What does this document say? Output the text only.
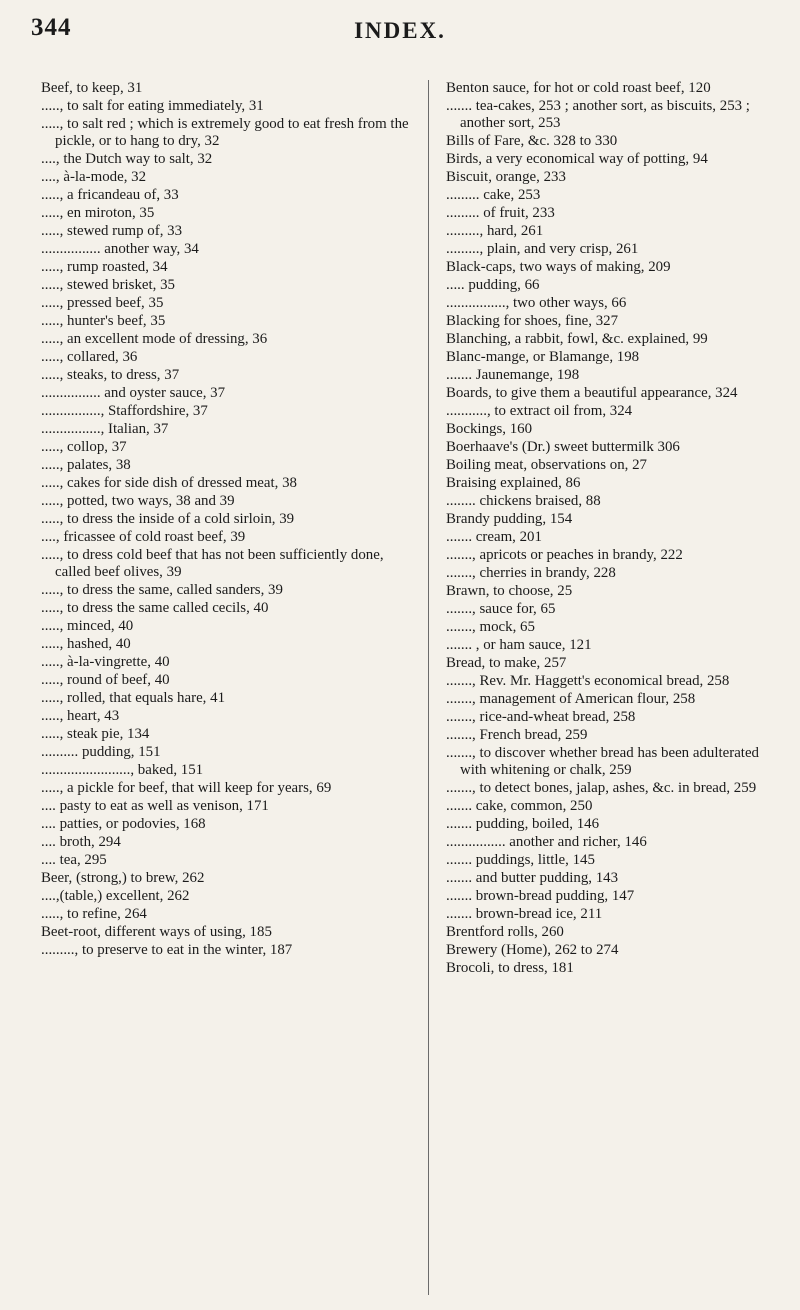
344	INDEX.
Beef, to keep, 31
....., to salt for eating immediately, 31
....., to salt red ; which is extremely good to eat fresh from the pickle, or to hang to dry, 32
...., the Dutch way to salt, 32
...., à-la-mode, 32
....., a fricandeau of, 33
....., en miroton, 35
....., stewed rump of, 33
................ another way, 34
....., rump roasted, 34
....., stewed brisket, 35
....., pressed beef, 35
....., hunter's beef, 35
....., an excellent mode of dressing, 36
....., collared, 36
....., steaks, to dress, 37
................ and oyster sauce, 37
................, Staffordshire, 37
................, Italian, 37
....., collop, 37
....., palates, 38
....., cakes for side dish of dressed meat, 38
....., potted, two ways, 38 and 39
....., to dress the inside of a cold sirloin, 39
...., fricassee of cold roast beef, 39
....., to dress cold beef that has not been sufficiently done, called beef olives, 39
....., to dress the same, called sanders, 39
....., to dress the same called cecils, 40
....., minced, 40
....., hashed, 40
....., à-la-vingrette, 40
....., round of beef, 40
....., rolled, that equals hare, 41
....., heart, 43
....., steak pie, 134
.......... pudding, 151
........................, baked, 151
....., a pickle for beef, that will keep for years, 69
.... pasty to eat as well as venison, 171
.... patties, or podovies, 168
.... broth, 294
.... tea, 295
Beer, (strong,) to brew, 262
....,(table,) excellent, 262
....., to refine, 264
Beet-root, different ways of using, 185
........., to preserve to eat in the winter, 187
Benton sauce, for hot or cold roast beef, 120
....... tea-cakes, 253 ; another sort, as biscuits, 253 ; another sort, 253
Bills of Fare, &c. 328 to 330
Birds, a very economical way of potting, 94
Biscuit, orange, 233
......... cake, 253
......... of fruit, 233
........., hard, 261
........., plain, and very crisp, 261
Black-caps, two ways of making, 209
..... pudding, 66
................, two other ways, 66
Blacking for shoes, fine, 327
Blanching, a rabbit, fowl, &c. explained, 99
Blanc-mange, or Blamange, 198
....... Jaunemange, 198
Boards, to give them a beautiful appearance, 324
..........., to extract oil from, 324
Bockings, 160
Boerhaave's (Dr.) sweet buttermilk 306
Boiling meat, observations on, 27
Braising explained, 86
........ chickens braised, 88
Brandy pudding, 154
....... cream, 201
......., apricots or peaches in brandy, 222
......., cherries in brandy, 228
Brawn, to choose, 25
......., sauce for, 65
......., mock, 65
....... , or ham sauce, 121
Bread, to make, 257
......., Rev. Mr. Haggett's economical bread, 258
......., management of American flour, 258
......., rice-and-wheat bread, 258
......., French bread, 259
......., to discover whether bread has been adulterated with whitening or chalk, 259
......., to detect bones, jalap, ashes, &c. in bread, 259
....... cake, common, 250
....... pudding, boiled, 146
................ another and richer, 146
....... puddings, little, 145
....... and butter pudding, 143
....... brown-bread pudding, 147
....... brown-bread ice, 211
Brentford rolls, 260
Brewery (Home), 262 to 274
Brocoli, to dress, 181
